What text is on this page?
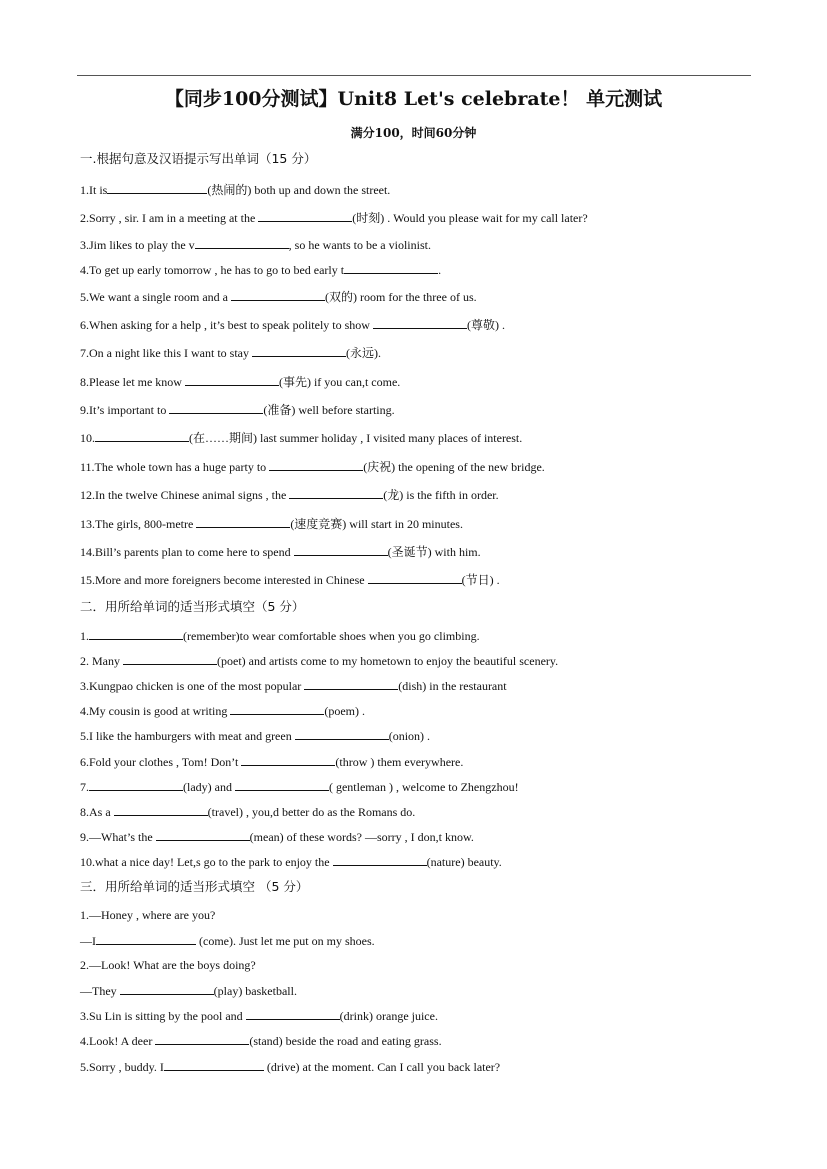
【同步100分测试】Unit8 Let's celebrate！ 单元测试
满分100，时间60分钟
一.根据句意及汉语提示写出单词（15 分）
1.It is	(热闹的) both up and down the street.
2.Sorry , sir. I am in a meeting at the	(时刻) . Would you please wait for my call later?
3.Jim likes to play the v	, so he wants to be a violinist.
4.To get up early tomorrow , he has to go to bed early t	.
5.We want a single room and a	(双的) room for the three of us.
6.When asking for a help , it’s best to speak politely to show	(尊敬) .
7.On a night like this I want to stay	(永远).
8.Please let me know	(事先) if you can,t come.
9.It’s important to	(准备) well before starting.
10.	(在……期间) last summer holiday , I visited many places of interest.
11.The whole town has a huge party to	(庆祝) the opening of the new bridge.
12.In the twelve Chinese animal signs , the	(龙) is the fifth in order.
13.The girls, 800-metre	(速度竞赛) will start in 20 minutes.
14.Bill’s parents plan to come here to spend	(圣诞节) with him.
15.More and more foreigners become interested in Chinese	(节日) .
二．用所给单词的适当形式填空（5 分）
1.	(remember)to wear comfortable shoes when you go climbing.
2. Many	(poet) and artists come to my hometown to enjoy the beautiful scenery.
3.Kungpao chicken is one of the most popular	(dish) in the restaurant
4.My cousin is good at writing	(poem) .
5.I like the hamburgers with meat and green	(onion) .
6.Fold your clothes , Tom! Don’t	(throw ) them everywhere.
7.	(lady) and	( gentleman ) , welcome to Zhengzhou!
8.As a	(travel) , you,d better do as the Romans do.
9.—What’s the	(mean) of these words? —sorry , I don,t know.
10.what a nice day! Let,s go to the park to enjoy the	(nature) beauty.
三．用所给单词的适当形式填空 （5 分）
1.—Honey , where are you?
—I	(come). Just let me put on my shoes.
2.—Look! What are the boys doing?
—They	(play) basketball.
3.Su Lin is sitting by the pool and	(drink) orange juice.
4.Look! A deer	(stand) beside the road and eating grass.
5.Sorry , buddy. I	(drive) at the moment. Can I call you back later?
